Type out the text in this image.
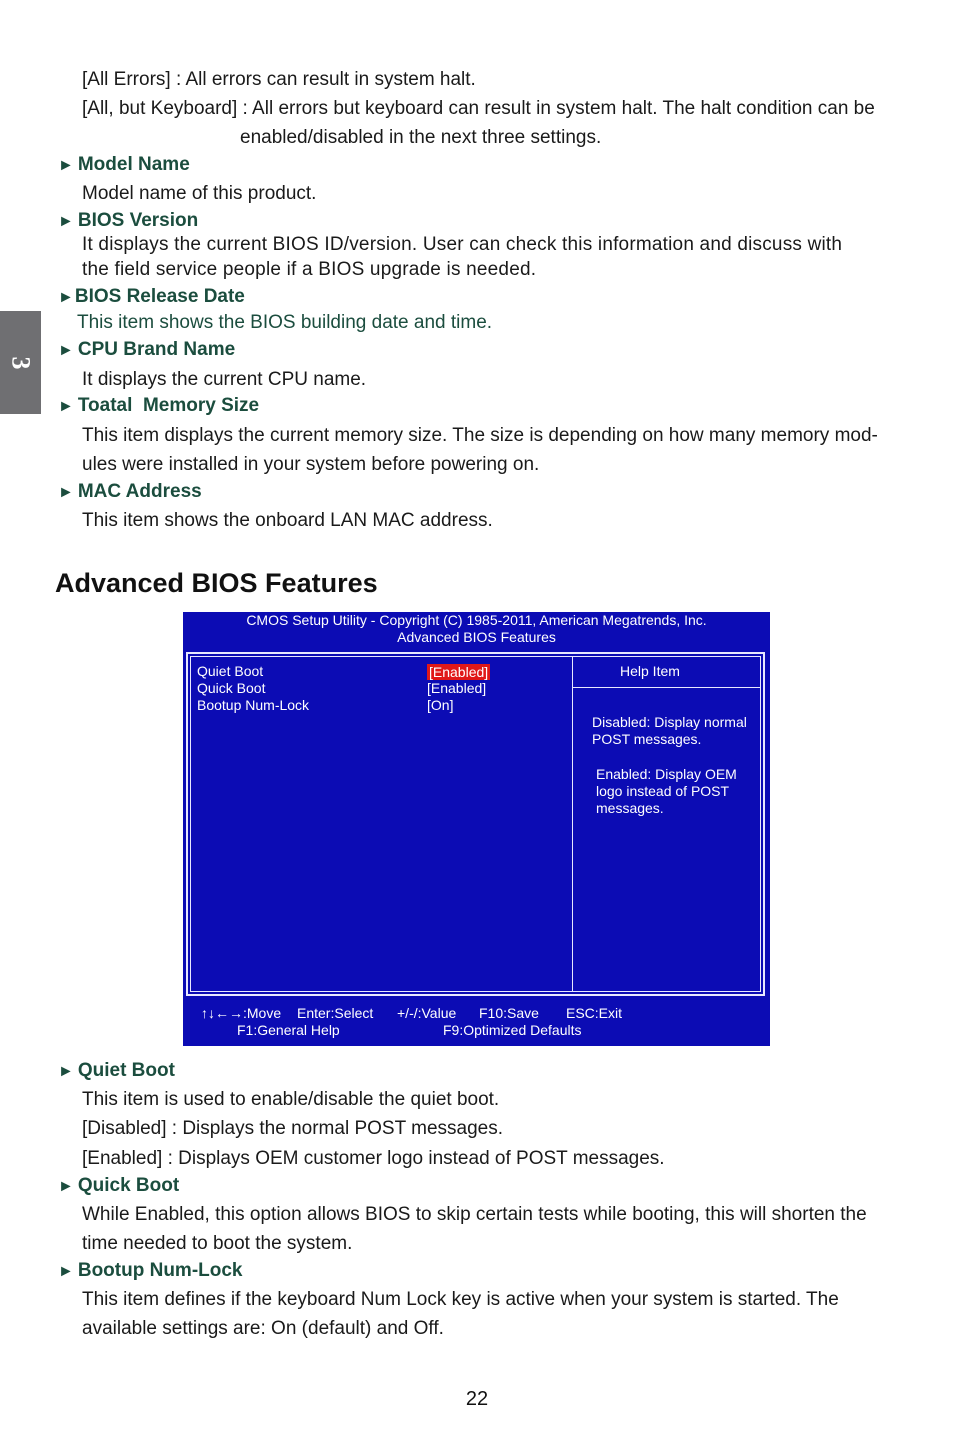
3
[All Errors] : All errors can result in system halt.
[All, but Keyboard] : All errors but keyboard can result in system halt. The halt condition can be
enabled/disabled in the next three settings.
► Model Name
Model name of this product.
► BIOS Version
It displays the current BIOS ID/version. User can check this information and discuss with
the field service people if a BIOS upgrade is needed.
►BIOS Release Date
This item shows the BIOS building date and time.
► CPU Brand Name
It displays the current CPU name.
► Toatal  Memory Size
This item displays the current memory size. The size is depending on how many memory mod-
ules were installed in your system before powering on.
► MAC Address
This item shows the onboard LAN MAC address.
Advanced BIOS Features
CMOS Setup Utility - Copyright (C) 1985-2011, American Megatrends, Inc.
Advanced BIOS Features
Quiet Boot	[Enabled]
Quick Boot	[Enabled]
Bootup Num-Lock	[On]
Help Item
Disabled: Display normal
POST messages.
Enabled: Display OEM
logo instead of POST
messages.
↑↓←→:Move Enter:Select +/-/:Value F10:Save ESC:Exit
F1:General Help	F9:Optimized Defaults
► Quiet Boot
This item is used to enable/disable the quiet boot.
[Disabled] : Displays the normal POST messages.
[Enabled] : Displays OEM customer logo instead of POST messages.
► Quick Boot
While Enabled, this option allows BIOS to skip certain tests while booting, this will shorten the
time needed to boot the system.
► Bootup Num-Lock
This item defines if the keyboard Num Lock key is active when your system is started. The
available settings are: On (default) and Off.
22
